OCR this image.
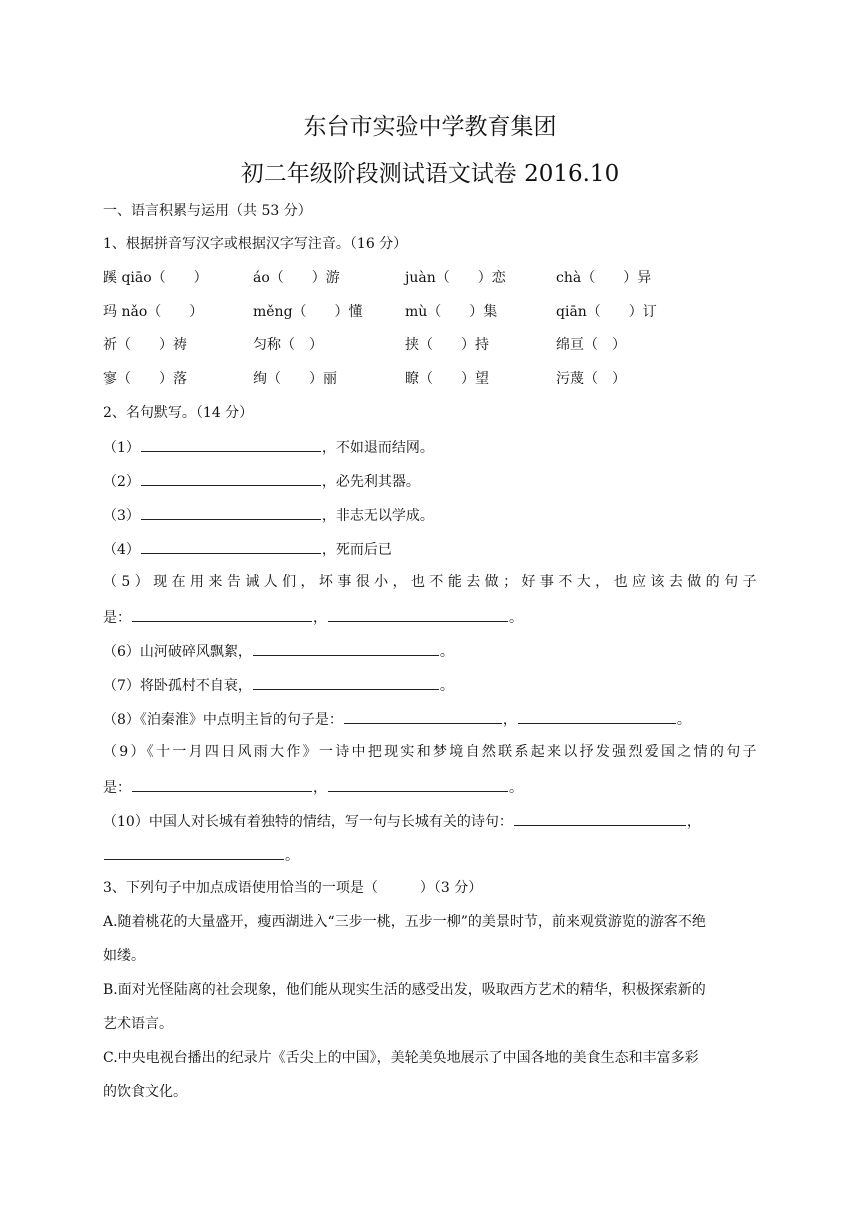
东台市实验中学教育集团
初二年级阶段测试语文试卷 2016.10
一、语言积累与运用（共 53 分）
1、根据拼音写汉字或根据汉字写注音。（16 分）
蹊 qiāo（　　）	áo（　　）游	juàn（　　）恋	chà（　　）异
玛 nǎo（　　）	měng（　　）懂	mù（　　）集	qiān（　　）订
祈（　　）祷	匀称（　）	挟（　　）持	绵亘（　）
寥（　　）落	绚（　　）丽	瞭（　　）望	污蔑（　）
2、名句默写。（14 分）
（1）	，不如退而结网。
（2）	，必先利其器。
（3）	，非志无以学成。
（4）	，死而后已
（5）现在用来告诫人们，坏事很小，也不能去做；好事不大，也应该去做的句子
是：	，	。
（6）山河破碎风飘絮，	。
（7）将卧孤村不自衰，	。
（8）《泊秦淮》中点明主旨的句子是：	，	。
（9）《十一月四日风雨大作》一诗中把现实和梦境自然联系起来以抒发强烈爱国之情的句子
是：	，	。
（10）中国人对长城有着独特的情结，写一句与长城有关的诗句：	，
。
3、下列句子中加点成语使用恰当的一项是（　　　）（3 分）
A.随着桃花的大量盛开，瘦西湖进入“三步一桃，五步一柳”的美景时节，前来观赏游览的游客不绝
如缕。
B.面对光怪陆离的社会现象，他们能从现实生活的感受出发，吸取西方艺术的精华，积极探索新的
艺术语言。
C.中央电视台播出的纪录片《舌尖上的中国》，美轮美奂地展示了中国各地的美食生态和丰富多彩
的饮食文化。
